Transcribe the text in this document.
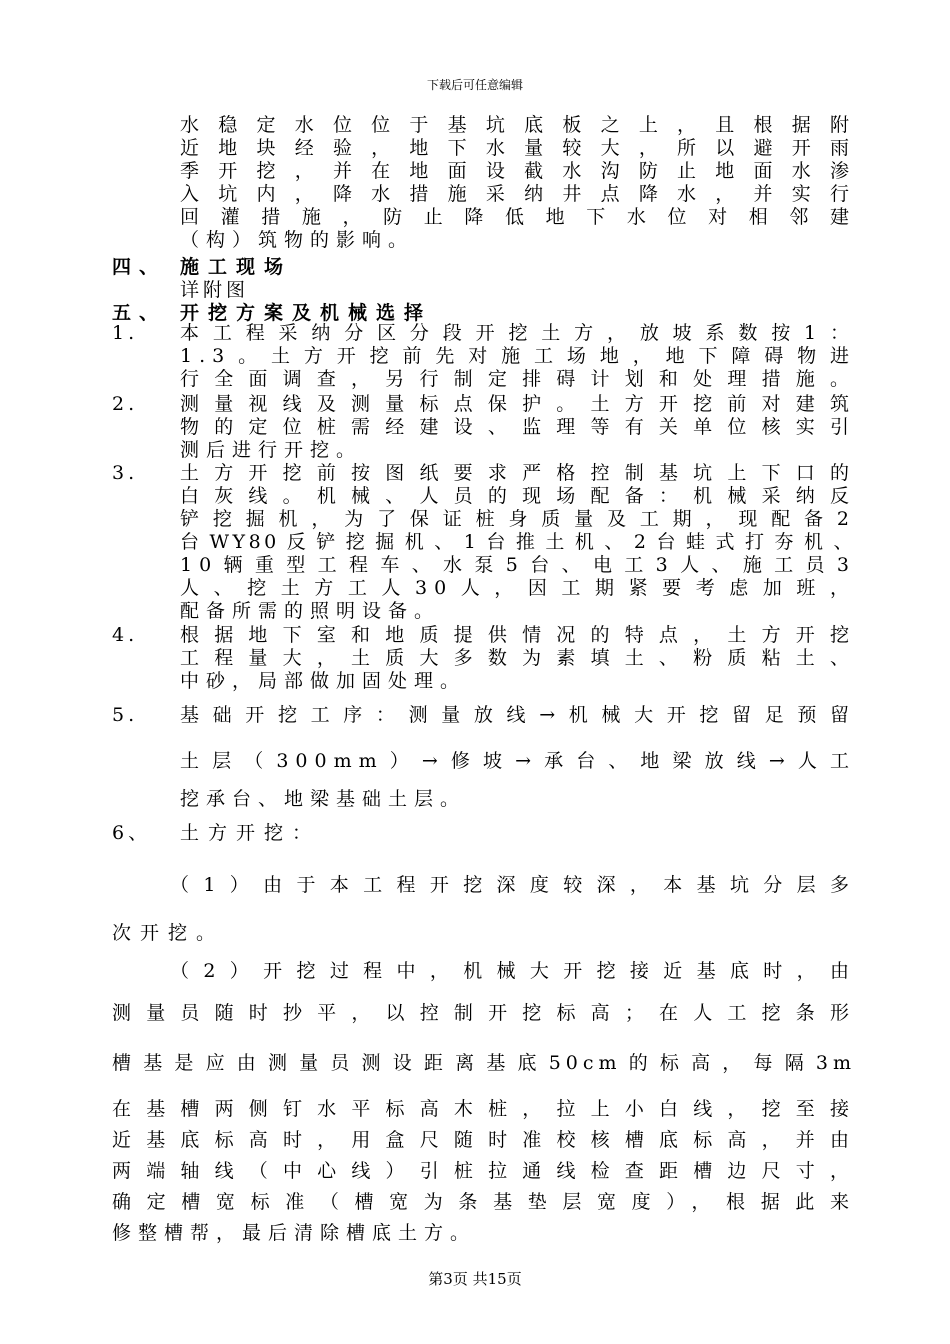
下载后可任意编辑
水稳定水位位于基坑底板之上，且根据附
近地块经验，地下水量较大，所以避开雨
季开挖，并在地面设截水沟防止地面水渗
入坑内，降水措施采纳井点降水，并实行
回灌措施，防止降低地下水位对相邻建
（构）筑物的影响。
四、 施工现场
详附图
五、 开挖方案及机械选择
1. 本工程采纳分区分段开挖土方，放坡系数按1：
1.3。土方开挖前先对施工场地，地下障碍物进
行全面调查，另行制定排碍计划和处理措施。
2. 测量视线及测量标点保护。土方开挖前对建筑
物的定位桩需经建设、监理等有关单位核实引
测后进行开挖。
3. 土方开挖前按图纸要求严格控制基坑上下口的
白灰线。机械、人员的现场配备：机械采纳反
铲挖掘机，为了保证桩身质量及工期，现配备2
台WY80反铲挖掘机、1台推土机、2台蛙式打夯机、
10辆重型工程车、水泵5台、电工3人、施工员3
人、挖土方工人30人，因工期紧要考虑加班，
配备所需的照明设备。
4. 根据地下室和地质提供情况的特点，土方开挖
工程量大，土质大多数为素填土、粉质粘土、
中砂，局部做加固处理。
5. 基础开挖工序：测量放线→机械大开挖留足预留
土层（300mm）→修坡→承台、地梁放线→人工
挖承台、地梁基础土层。
6、 土方开挖：
（1）由于本工程开挖深度较深，本基坑分层多
次开挖。
（2）开挖过程中，机械大开挖接近基底时，由
测量员随时抄平，以控制开挖标高；在人工挖条形
槽基是应由测量员测设距离基底50cm的标高，每隔3m
在基槽两侧钉水平标高木桩，拉上小白线，挖至接
近基底标高时，用盒尺随时准校核槽底标高，并由
两端轴线（中心线）引桩拉通线检查距槽边尺寸，
确定槽宽标准（槽宽为条基垫层宽度），根据此来
修整槽帮，最后清除槽底土方。
第3页 共15页
